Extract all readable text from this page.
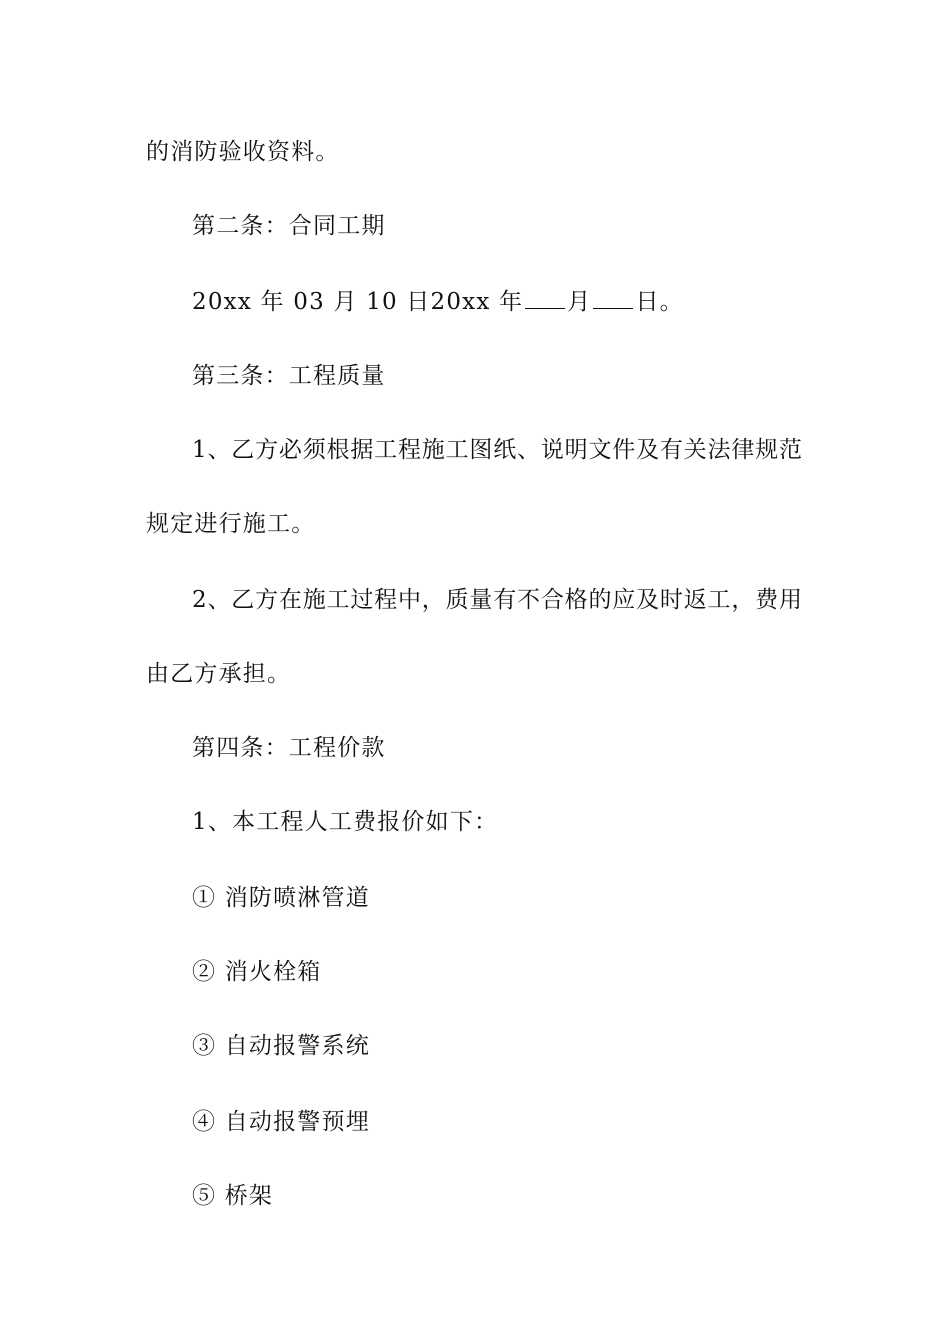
的消防验收资料。
第二条：合同工期
20xx 年 03 月 10 日20xx 年 月 日。
第三条：工程质量
1、乙方必须根据工程施工图纸、说明文件及有关法律规范
规定进行施工。
2、乙方在施工过程中，质量有不合格的应及时返工，费用
由乙方承担。
第四条：工程价款
1、本工程人工费报价如下：
① 消防喷淋管道
② 消火栓箱
③ 自动报警系统
④ 自动报警预埋
⑤ 桥架
